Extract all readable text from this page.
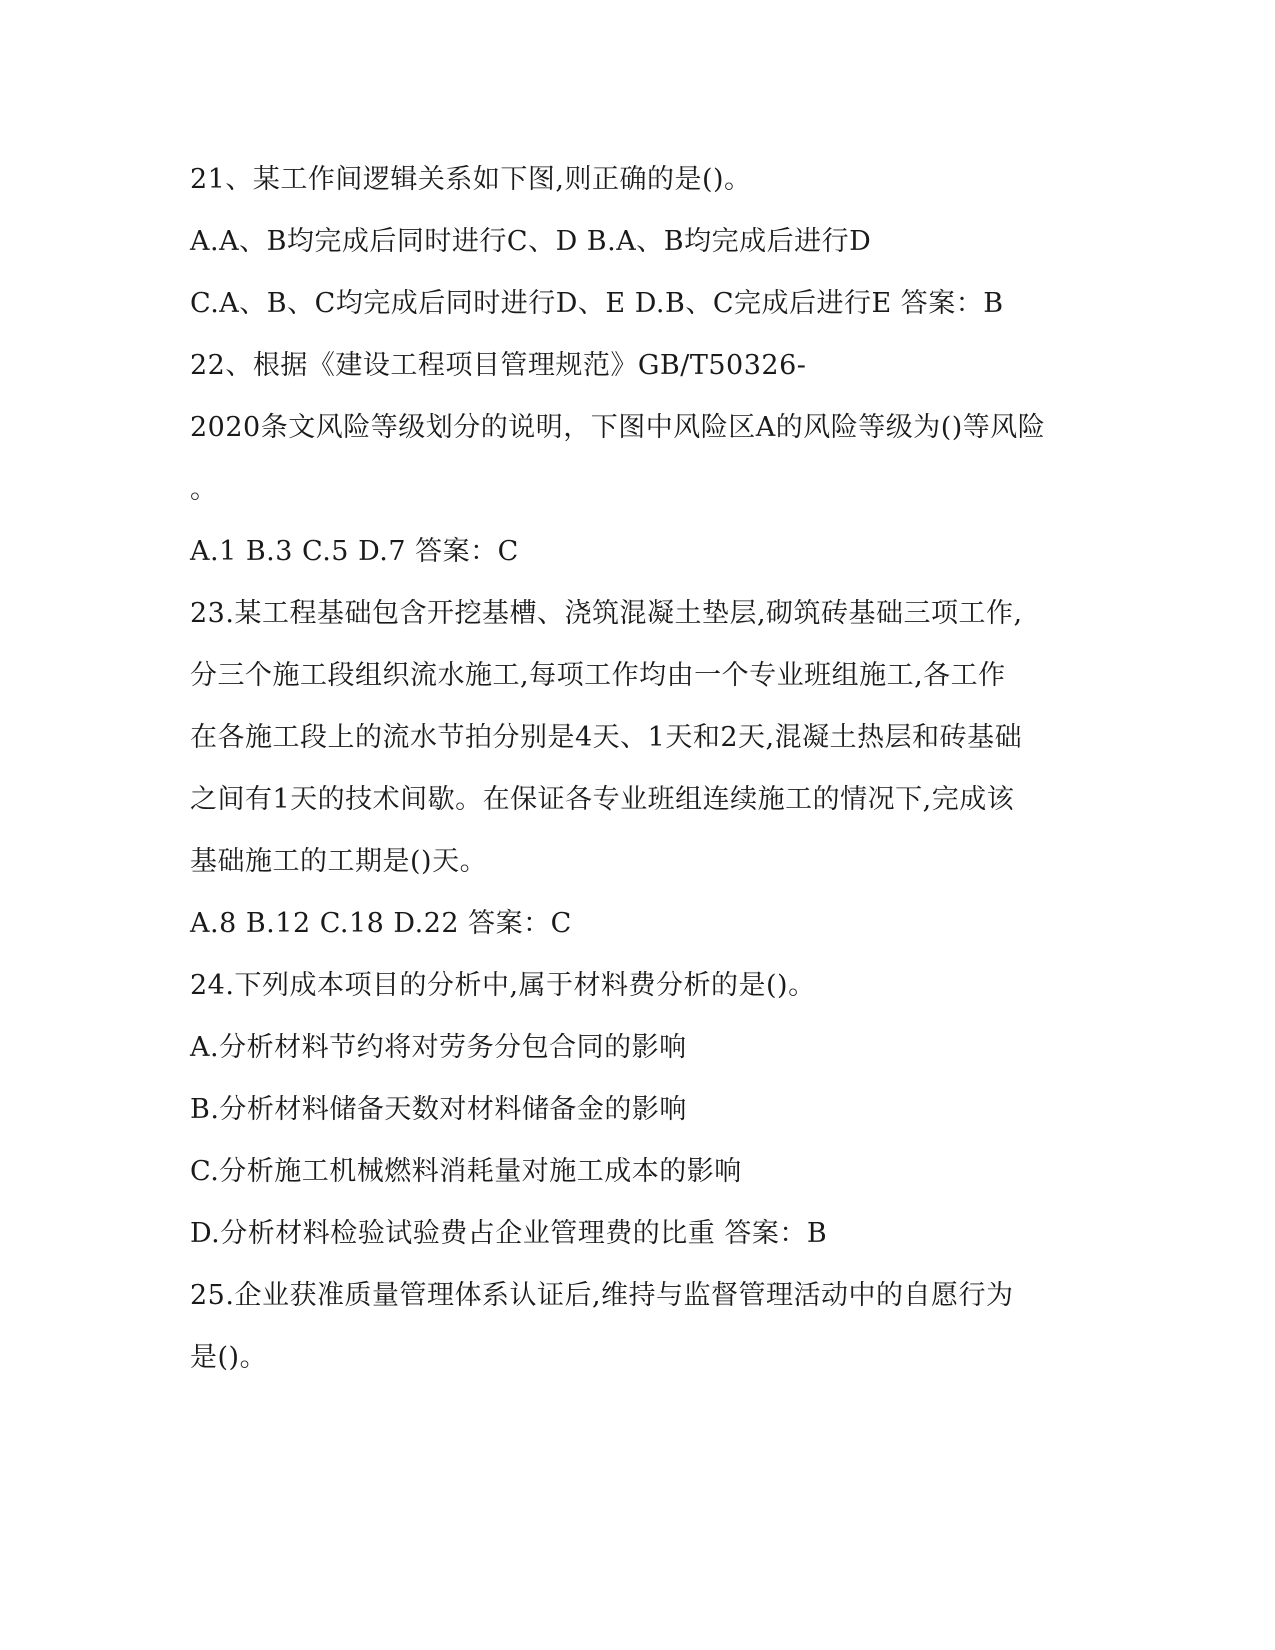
21、某工作间逻辑关系如下图,则正确的是()。
A.A、B均完成后同时进行C、D B.A、B均完成后进行D
C.A、B、C均完成后同时进行D、E D.B、C完成后进行E 答案：B
22、根据《建设工程项目管理规范》GB/T50326-
2020条文风险等级划分的说明，下图中风险区A的风险等级为()等风险
。
A.1 B.3 C.5 D.7 答案：C
23.某工程基础包含开挖基槽、浇筑混凝土垫层,砌筑砖基础三项工作,
分三个施工段组织流水施工,每项工作均由一个专业班组施工,各工作
在各施工段上的流水节拍分别是4天、1天和2天,混凝土热层和砖基础
之间有1天的技术间歇。在保证各专业班组连续施工的情况下,完成该
基础施工的工期是()天。
A.8 B.12 C.18 D.22 答案：C
24.下列成本项目的分析中,属于材料费分析的是()。
A.分析材料节约将对劳务分包合同的影响
B.分析材料储备天数对材料储备金的影响
C.分析施工机械燃料消耗量对施工成本的影响
D.分析材料检验试验费占企业管理费的比重 答案：B
25.企业获准质量管理体系认证后,维持与监督管理活动中的自愿行为
是()。
